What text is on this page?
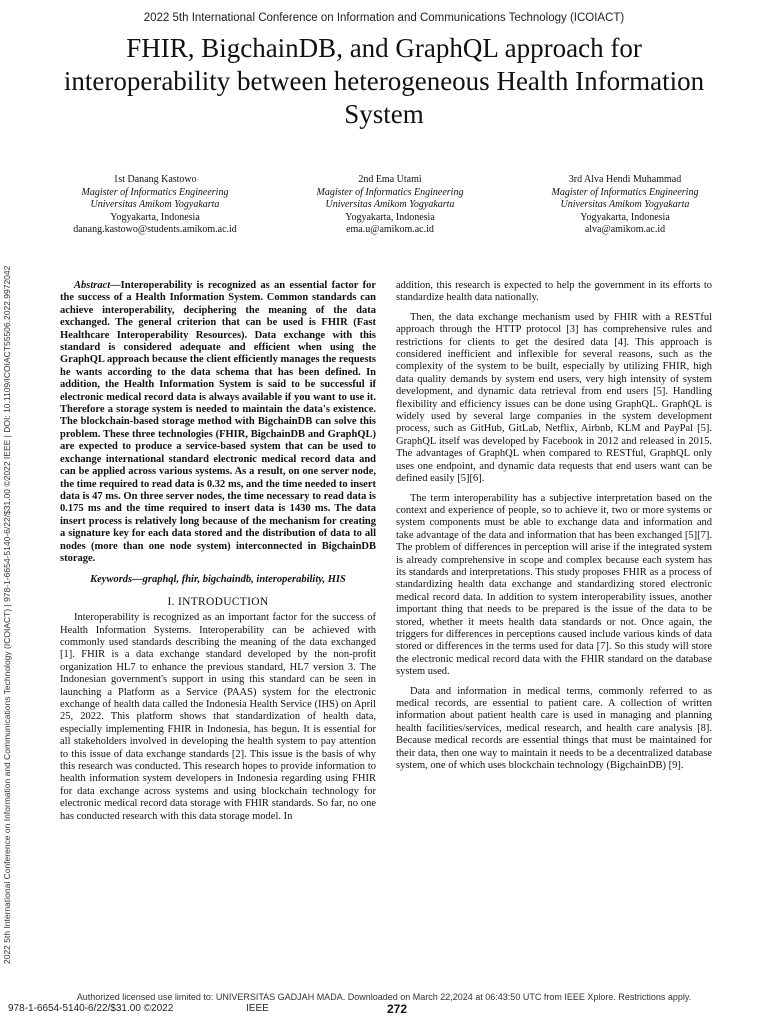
2022 5th International Conference on Information and Communications Technology (ICOIACT)
FHIR, BigchainDB, and GraphQL approach for interoperability between heterogeneous Health Information System
1st Danang Kastowo
Magister of Informatics Engineering
Universitas Amikom Yogyakarta
Yogyakarta, Indonesia
danang.kastowo@students.amikom.ac.id
2nd Ema Utami
Magister of Informatics Engineering
Universitas Amikom Yogyakarta
Yogyakarta, Indonesia
ema.u@amikom.ac.id
3rd Alva Hendi Muhammad
Magister of Informatics Engineering
Universitas Amikom Yogyakarta
Yogyakarta, Indonesia
alva@amikom.ac.id
2022 5th International Conference on Information and Communications Technology (ICOIACT) | 978-1-6654-5140-6/22/$31.00 ©2022 IEEE | DOI: 10.1109/ICOIACT55506.2022.9972042	Abstract—Interoperability is recognized as an essential factor for the success of a Health Information System. Common standards can achieve interoperability, deciphering the meaning of the data exchanged. The general criterion that can be used is FHIR (Fast Healthcare Interoperability Resources). Data exchange with this standard is considered adequate and efficient when using the GraphQL approach because the client efficiently manages the requests he wants according to the data schema that has been defined. In addition, the Health Information System is said to be successful if electronic medical record data is always available if you want to use it. Therefore a storage system is needed to maintain the data's existence. The blockchain-based storage method with BigchainDB can solve this problem. These three technologies (FHIR, BigchainDB and GraphQL) are expected to produce a service-based system that can be used to exchange international standard electronic medical record data and can be applied across various systems. As a result, on one server node, the time required to read data is 0.32 ms, and the time needed to insert data is 47 ms. On three server nodes, the time necessary to read data is 0.175 ms and the time required to insert data is 1430 ms. The data insert process is relatively long because of the mechanism for creating a signature key for each data stored and the distribution of data to all nodes (more than one node system) interconnected in BigchainDB storage.

Keywords—graphql, fhir, bigchaindb, interoperability, HIS

I. INTRODUCTION

Interoperability is recognized as an important factor for the success of Health Information Systems. Interoperability can be achieved with commonly used standards describing the meaning of the data exchanged [1]. FHIR is a data exchange standard developed by the non-profit organization HL7 to enhance the previous standard, HL7 version 3. The Indonesian government's support in using this standard can be seen in launching a Platform as a Service (PAAS) system for the electronic exchange of health data called the Indonesia Health Service (IHS) on April 25, 2022. This platform shows that standardization of health data, especially implementing FHIR in Indonesia, has begun. It is essential for all stakeholders involved in developing the health system to pay attention to this issue of data exchange standards [2]. This issue is the basis of why this research was conducted. This research hopes to provide information to health information system developers in Indonesia regarding using FHIR for data exchange across systems and using blockchain technology for electronic medical record data storage with FHIR standards. So far, no one has conducted research with this data storage model. In

addition, this research is expected to help the government in its efforts to standardize health data nationally.

Then, the data exchange mechanism used by FHIR with a RESTful approach through the HTTP protocol [3] has comprehensive rules and restrictions for clients to get the desired data [4]. This approach is considered inefficient and inflexible for several reasons, such as the complexity of the system to be built, especially by utilizing FHIR, high data quality demands by system end users, very high intensity of system development, and dynamic data retrieval from end users [5]. Handling flexibility and efficiency issues can be done using GraphQL. GraphQL is widely used by several large companies in the system development process, such as GitHub, GitLab, Netflix, Airbnb, KLM and PayPal [5]. GraphQL itself was developed by Facebook in 2012 and released in 2015. The advantages of GraphQL when compared to RESTful, GraphQL only uses one endpoint, and dynamic data requests that end users want can be defined easily [5][6].

The term interoperability has a subjective interpretation based on the context and experience of people, so to achieve it, two or more systems or system components must be able to exchange data and information and take advantage of the data and information that has been exchanged [5][7]. The problem of differences in perception will arise if the integrated system is already comprehensive in scope and complex because each system has its standards and interpretations. This study proposes FHIR as a process of standardizing health data exchange and standardizing stored electronic medical record data. In addition to system interoperability issues, another important thing that needs to be prepared is the issue of the data to be stored, whether it meets health data standards or not. Once again, the triggers for differences in perceptions caused include various kinds of data stored or differences in the terms used for data [7]. So this study will store the electronic medical record data with the FHIR standard on the database system used.

Data and information in medical terms, commonly referred to as medical records, are essential to patient care. A collection of written information about patient health care is used in managing and planning health facilities/services, medical research, and health care analysis [8]. Because medical records are essential things that must be maintained for their data, then one way to maintain it needs to be a decentralized database system, one of which uses blockchain technology (BigchainDB) [9].

Authorized licensed use limited to: UNIVERSITAS GADJAH MADA. Downloaded on March 22,2024 at 06:43:50 UTC from IEEE Xplore. Restrictions apply.
978-1-6654-5140-6/22/$31.00 ©2022	IEEE	272
